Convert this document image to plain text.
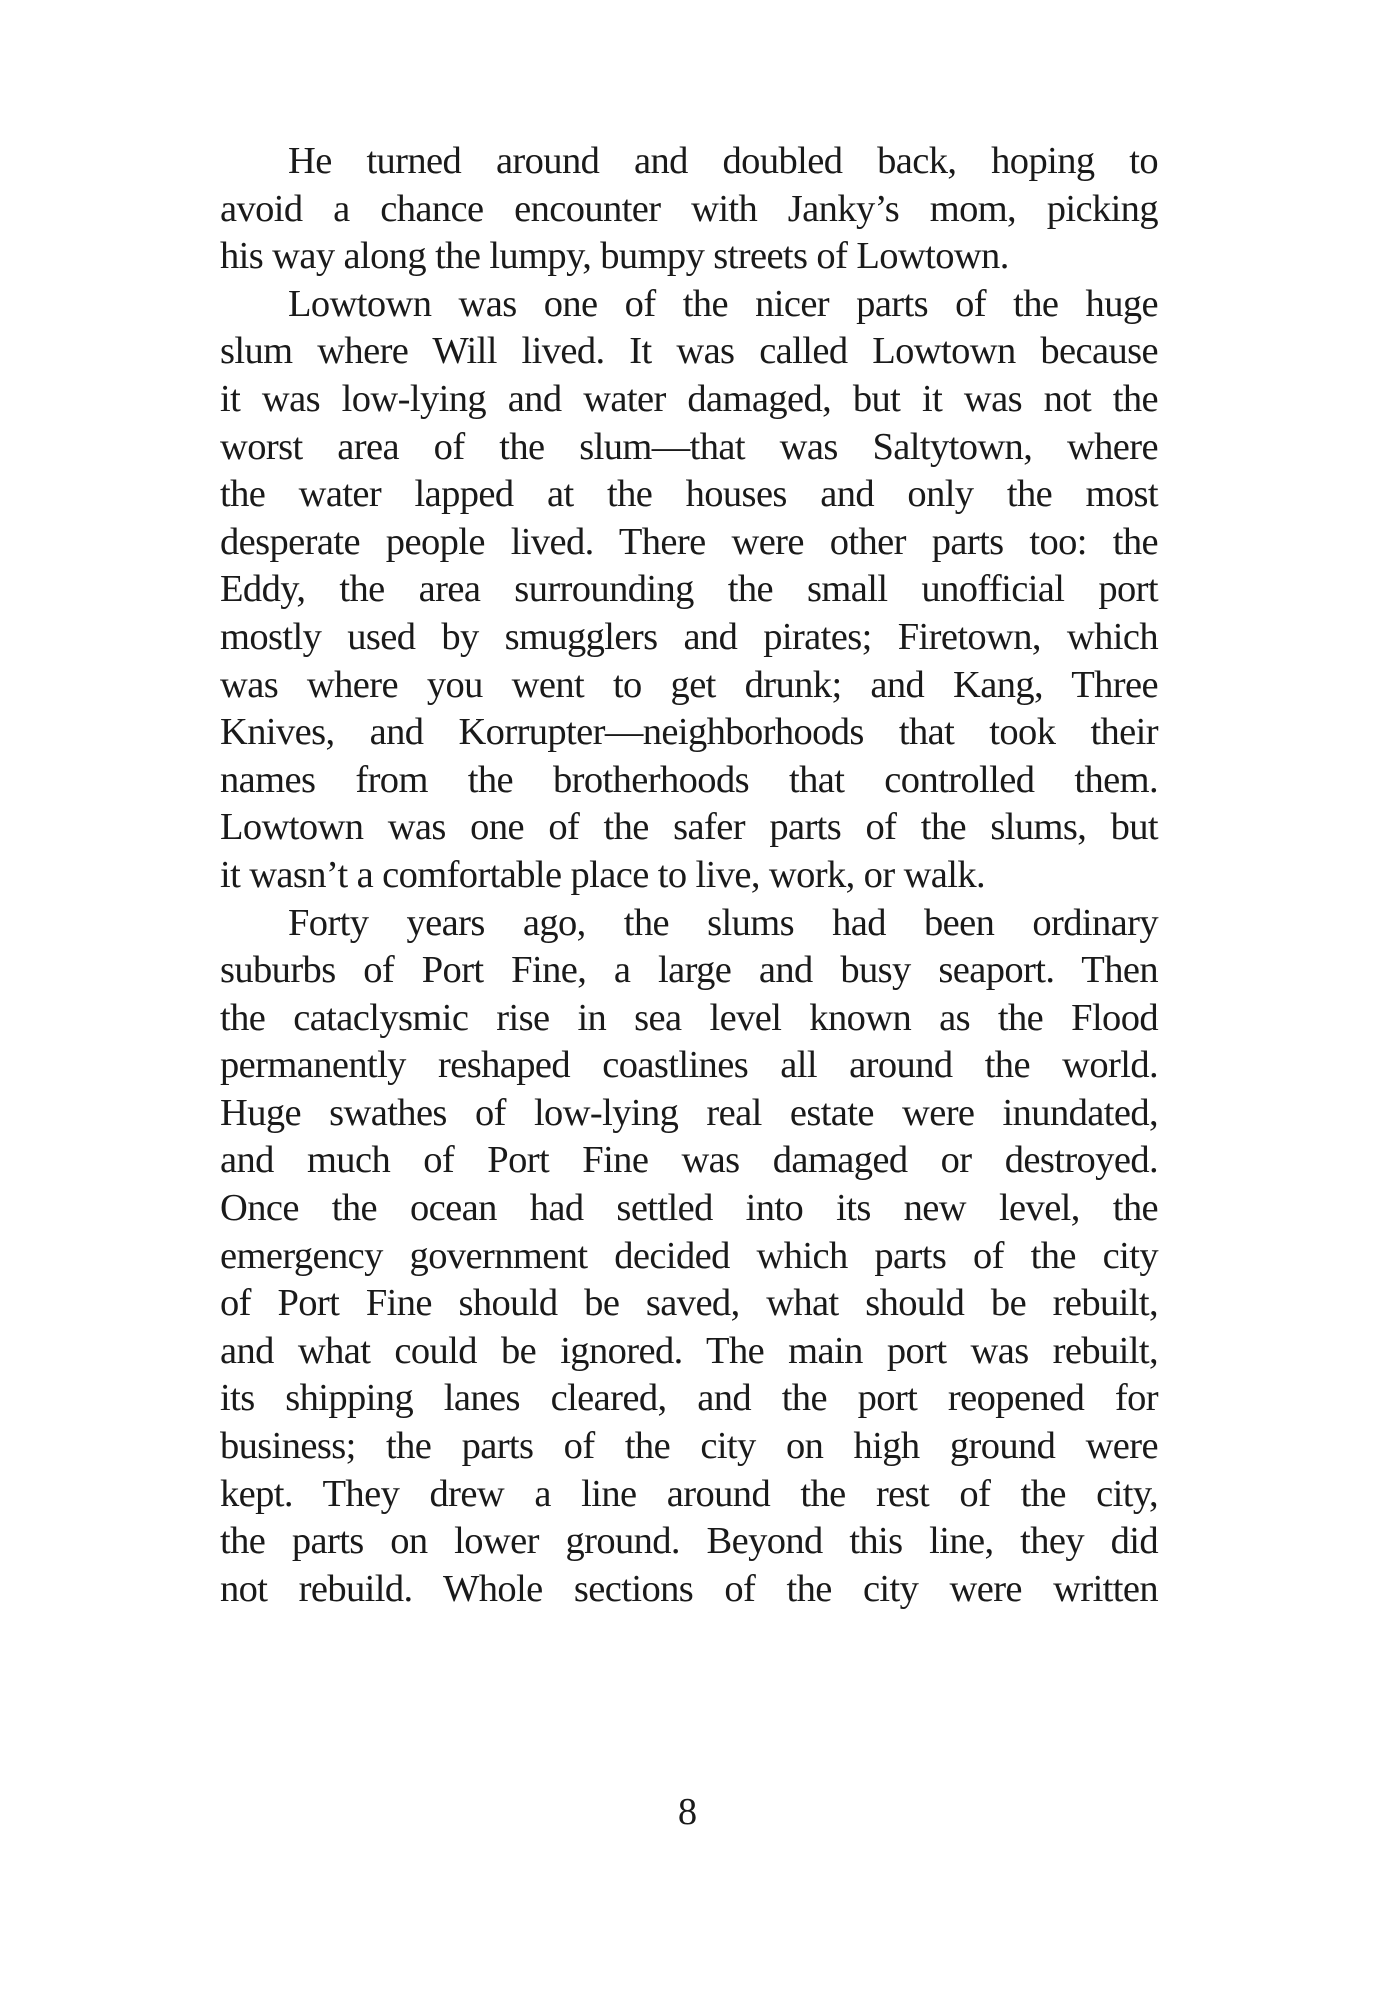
He turned around and doubled back, hoping to
avoid a chance encounter with Janky’s mom, picking
his way along the lumpy, bumpy streets of Lowtown.
Lowtown was one of the nicer parts of the huge
slum where Will lived. It was called Lowtown because
it was low-lying and water damaged, but it was not the
worst area of the slum—that was Saltytown, where
the water lapped at the houses and only the most
desperate people lived. There were other parts too: the
Eddy, the area surrounding the small unofficial port
mostly used by smugglers and pirates; Firetown, which
was where you went to get drunk; and Kang, Three
Knives, and Korrupter—neighborhoods that took their
names from the brotherhoods that controlled them.
Lowtown was one of the safer parts of the slums, but
it wasn’t a comfortable place to live, work, or walk.
Forty years ago, the slums had been ordinary
suburbs of Port Fine, a large and busy seaport. Then
the cataclysmic rise in sea level known as the Flood
permanently reshaped coastlines all around the world.
Huge swathes of low-lying real estate were inundated,
and much of Port Fine was damaged or destroyed.
Once the ocean had settled into its new level, the
emergency government decided which parts of the city
of Port Fine should be saved, what should be rebuilt,
and what could be ignored. The main port was rebuilt,
its shipping lanes cleared, and the port reopened for
business; the parts of the city on high ground were
kept. They drew a line around the rest of the city,
the parts on lower ground. Beyond this line, they did
not rebuild. Whole sections of the city were written
8
